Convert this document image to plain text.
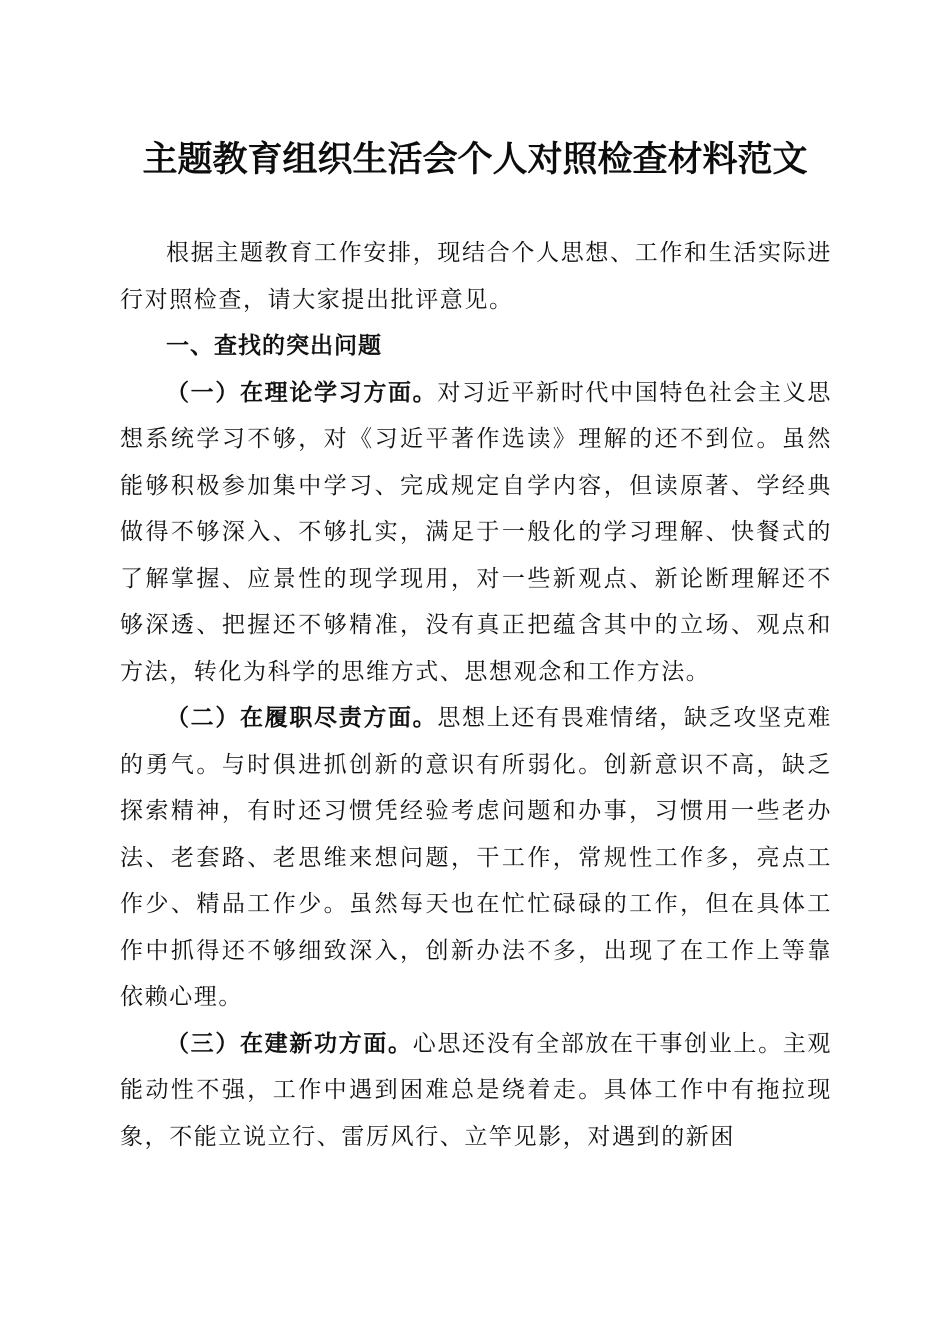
主题教育组织生活会个人对照检查材料范文

根据主题教育工作安排，现结合个人思想、工作和生活实际进行对照检查，请大家提出批评意见。

一、查找的突出问题

（一）在理论学习方面。对习近平新时代中国特色社会主义思想系统学习不够，对《习近平著作选读》理解的还不到位。虽然能够积极参加集中学习、完成规定自学内容，但读原著、学经典做得不够深入、不够扎实，满足于一般化的学习理解、快餐式的了解掌握、应景性的现学现用，对一些新观点、新论断理解还不够深透、把握还不够精准，没有真正把蕴含其中的立场、观点和方法，转化为科学的思维方式、思想观念和工作方法。

（二）在履职尽责方面。思想上还有畏难情绪，缺乏攻坚克难的勇气。与时俱进抓创新的意识有所弱化。创新意识不高，缺乏探索精神，有时还习惯凭经验考虑问题和办事，习惯用一些老办法、老套路、老思维来想问题，干工作，常规性工作多，亮点工作少、精品工作少。虽然每天也在忙忙碌碌的工作，但在具体工作中抓得还不够细致深入，创新办法不多，出现了在工作上等靠依赖心理。

（三）在建新功方面。心思还没有全部放在干事创业上。主观能动性不强，工作中遇到困难总是绕着走。具体工作中有拖拉现象，不能立说立行、雷厉风行、立竿见影，对遇到的新困
